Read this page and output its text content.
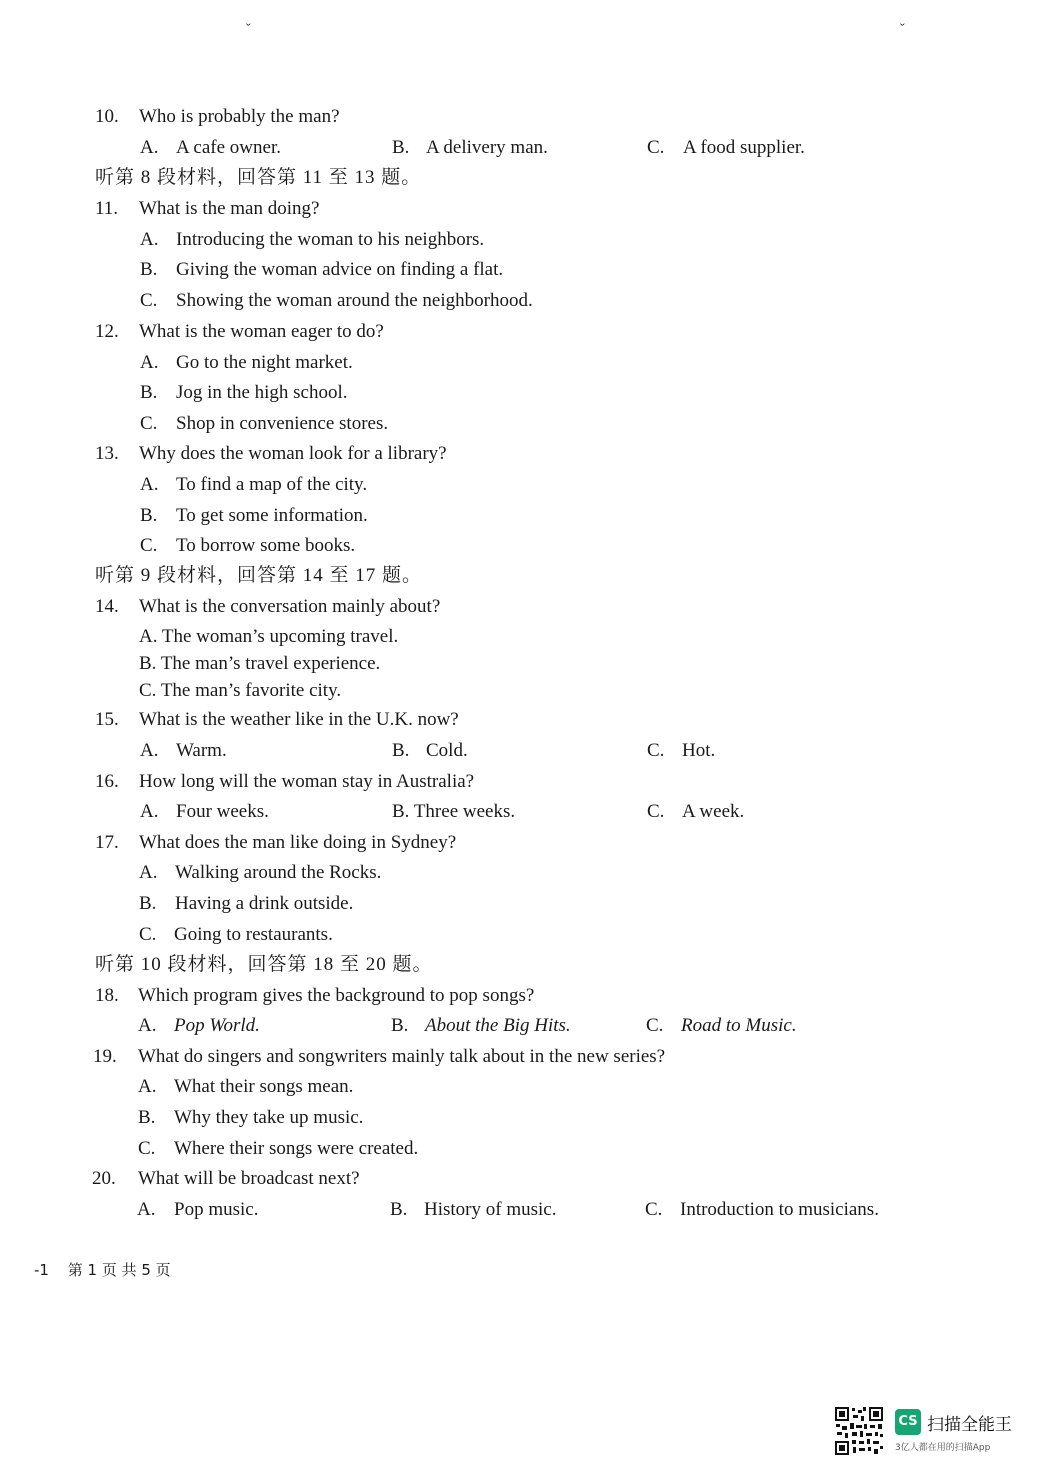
ˇ	ˇ
10. Who is probably the man?
A. A cafe owner.	B. A delivery man.	C. A food supplier.
听第 8 段材料，回答第 11 至 13 题。
11. What is the man doing?
A. Introducing the woman to his neighbors.
B. Giving the woman advice on finding a flat.
C. Showing the woman around the neighborhood.
12. What is the woman eager to do?
A. Go to the night market.
B. Jog in the high school.
C. Shop in convenience stores.
13. Why does the woman look for a library?
A. To find a map of the city.
B. To get some information.
C. To borrow some books.
听第 9 段材料，回答第 14 至 17 题。
14. What is the conversation mainly about?
A. The woman’s upcoming travel.
B. The man’s travel experience.
C. The man’s favorite city.
15. What is the weather like in the U.K. now?
A. Warm.	B. Cold.	C. Hot.
16. How long will the woman stay in Australia?
A. Four weeks.	B. Three weeks.	C. A week.
17. What does the man like doing in Sydney?
A. Walking around the Rocks.
B. Having a drink outside.
C. Going to restaurants.
听第 10 段材料，回答第 18 至 20 题。
18. Which program gives the background to pop songs?
A. Pop World.	B. About the Big Hits.	C. Road to Music.
19. What do singers and songwriters mainly talk about in the new series?
A. What their songs mean.
B. Why they take up music.
C. Where their songs were created.
20. What will be broadcast next?
A. Pop music.	B. History of music.	C. Introduction to musicians.
-1 第 1 页 共 5 页
CS 扫描全能王
3亿人都在用的扫描App
